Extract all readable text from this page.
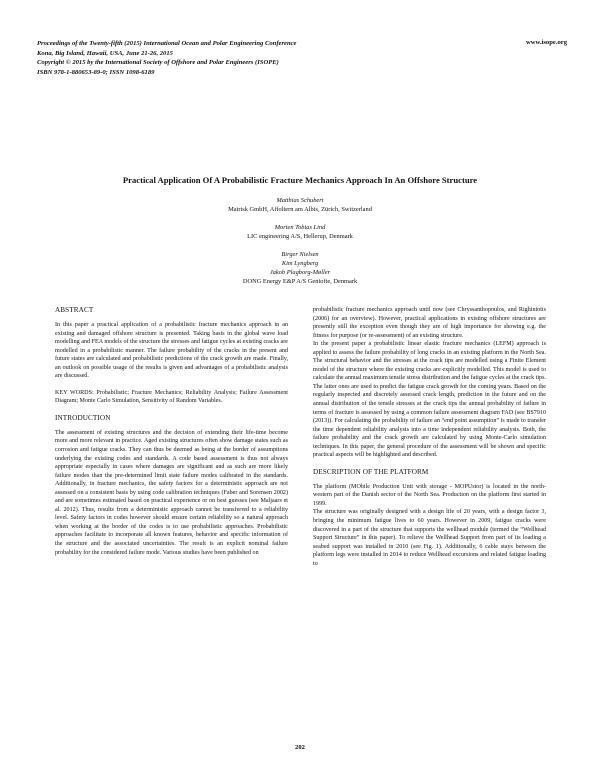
Proceedings of the Twenty-fifth (2015) International Ocean and Polar Engineering Conference
Kona, Big Island, Hawaii, USA, June 21-26, 2015
Copyright © 2015 by the International Society of Offshore and Polar Engineers (ISOPE)
ISBN 978-1-880653-89-0; ISSN 1098-6189
www.isope.org
Practical Application Of A Probabilistic Fracture Mechanics Approach In An Offshore Structure
Matthias Schubert
Matrisk GmbH, Affoltern am Albis, Zürich, Switzerland
Morten Tobias Lind
LIC engineering A/S, Hellerup, Denmark
Birger Nielsen
Kim Lyngberg
Jakob Plagborg-Møller
DONG Energy E&P A/S Gentofte, Denmark
ABSTRACT

In this paper a practical application of a probabilistic fracture mechanics approach in an existing and damaged offshore structure is presented. Taking basis in the global wave load modelling and FEA models of the structure the stresses and fatigue cycles at existing cracks are modelled in a probabilistic manner. The failure probability of the cracks in the present and future states are calculated and probabilistic predictions of the crack growth are made. Finally, an outlook on possible usage of the results is given and advantages of a probabilistic analysis are discussed.

KEY WORDS: Probabilistic; Fracture Mechanics; Reliability Analysis; Failure Assessment Diagram; Monte Carlo Simulation, Sensitivity of Random Variables.

INTRODUCTION

The assessment of existing structures and the decision of extending their life-time become more and more relevant in practice. Aged existing structures often show damage states such as corrosion and fatigue cracks. They can thus be deemed as being at the border of assumptions underlying the existing codes and standards. A code based assessment is thus not always appropriate especially in cases where damages are significant and as such are more likely failure modes than the pre-determined limit state failure modes calibrated in the standards. Additionally, in fracture mechanics, the safety factors for a deterministic approach are not assessed on a consistent basis by using code calibration techniques (Faber and Sorensen 2002) and are sometimes estimated based on practical experience or on best guesses (see Maljaars et al. 2012). Thus, results from a deterministic approach cannot be transferred to a reliability level. Safety factors in codes however should ensure certain reliability so a natural approach when working at the border of the codes is to use probabilistic approaches. Probabilistic approaches facilitate to incorporate all known features, behavior and specific information of the structure and the associated uncertainties. The result is an explicit nominal failure probability for the considered failure mode. Various studies have been published on

probabilistic fracture mechanics approach until now (see Chryssanthopoulos, and Righiniotis (2006) for an overview). However, practical applications in existing offshore structures are presently still the exception even though they are of high importance for showing e.g. the fitness for purpose (or re-assessment) of an existing structure.

In the present paper a probabilistic linear elastic fracture mechanics (LEFM) approach is applied to assess the failure probability of long cracks in an existing platform in the North Sea. The structural behavior and the stresses at the crack tips are modelled using a Finite Element model of the structure where the existing cracks are explicitly modelled. This model is used to calculate the annual maximum tensile stress distribution and the fatigue cycles at the crack tips. The latter ones are used to predict the fatigue crack growth for the coming years. Based on the regularly inspected and discretely assessed crack length, prediction in the future and on the annual distribution of the tensile stresses at the crack tips the annual probability of failure in terms of fracture is assessed by using a common failure assessment diagram FAD (see BS7910 (2013)). For calculating the probability of failure an “end point assumption” is made to transfer the time dependent reliability analysis into a time independent reliability analysis. Both, the failure probability and the crack growth are calculated by using Monte-Carlo simulation techniques. In this paper, the general procedure of the assessment will be shown and specific practical aspects will be highlighted and described.

DESCRIPTION OF THE PLATFORM

The platform (MObile Production Unit with storage - MOPUstor) is located in the north-western part of the Danish sector of the North Sea. Production on the platform first started in 1999.

The structure was originally designed with a design life of 20 years, with a design factor 3, bringing the minimum fatigue lives to 60 years. However in 2009, fatigue cracks were discovered in a part of the structure that supports the wellhead module (termed the “Wellhead Support Structure” in this paper). To relieve the Wellhead Support from part of its loading a seabed support was installed in 2010 (see Fig. 1). Additionally, 6 cable stays between the platform legs were installed in 2014 to reduce Wellhead excursions and related fatigue loading to

202
